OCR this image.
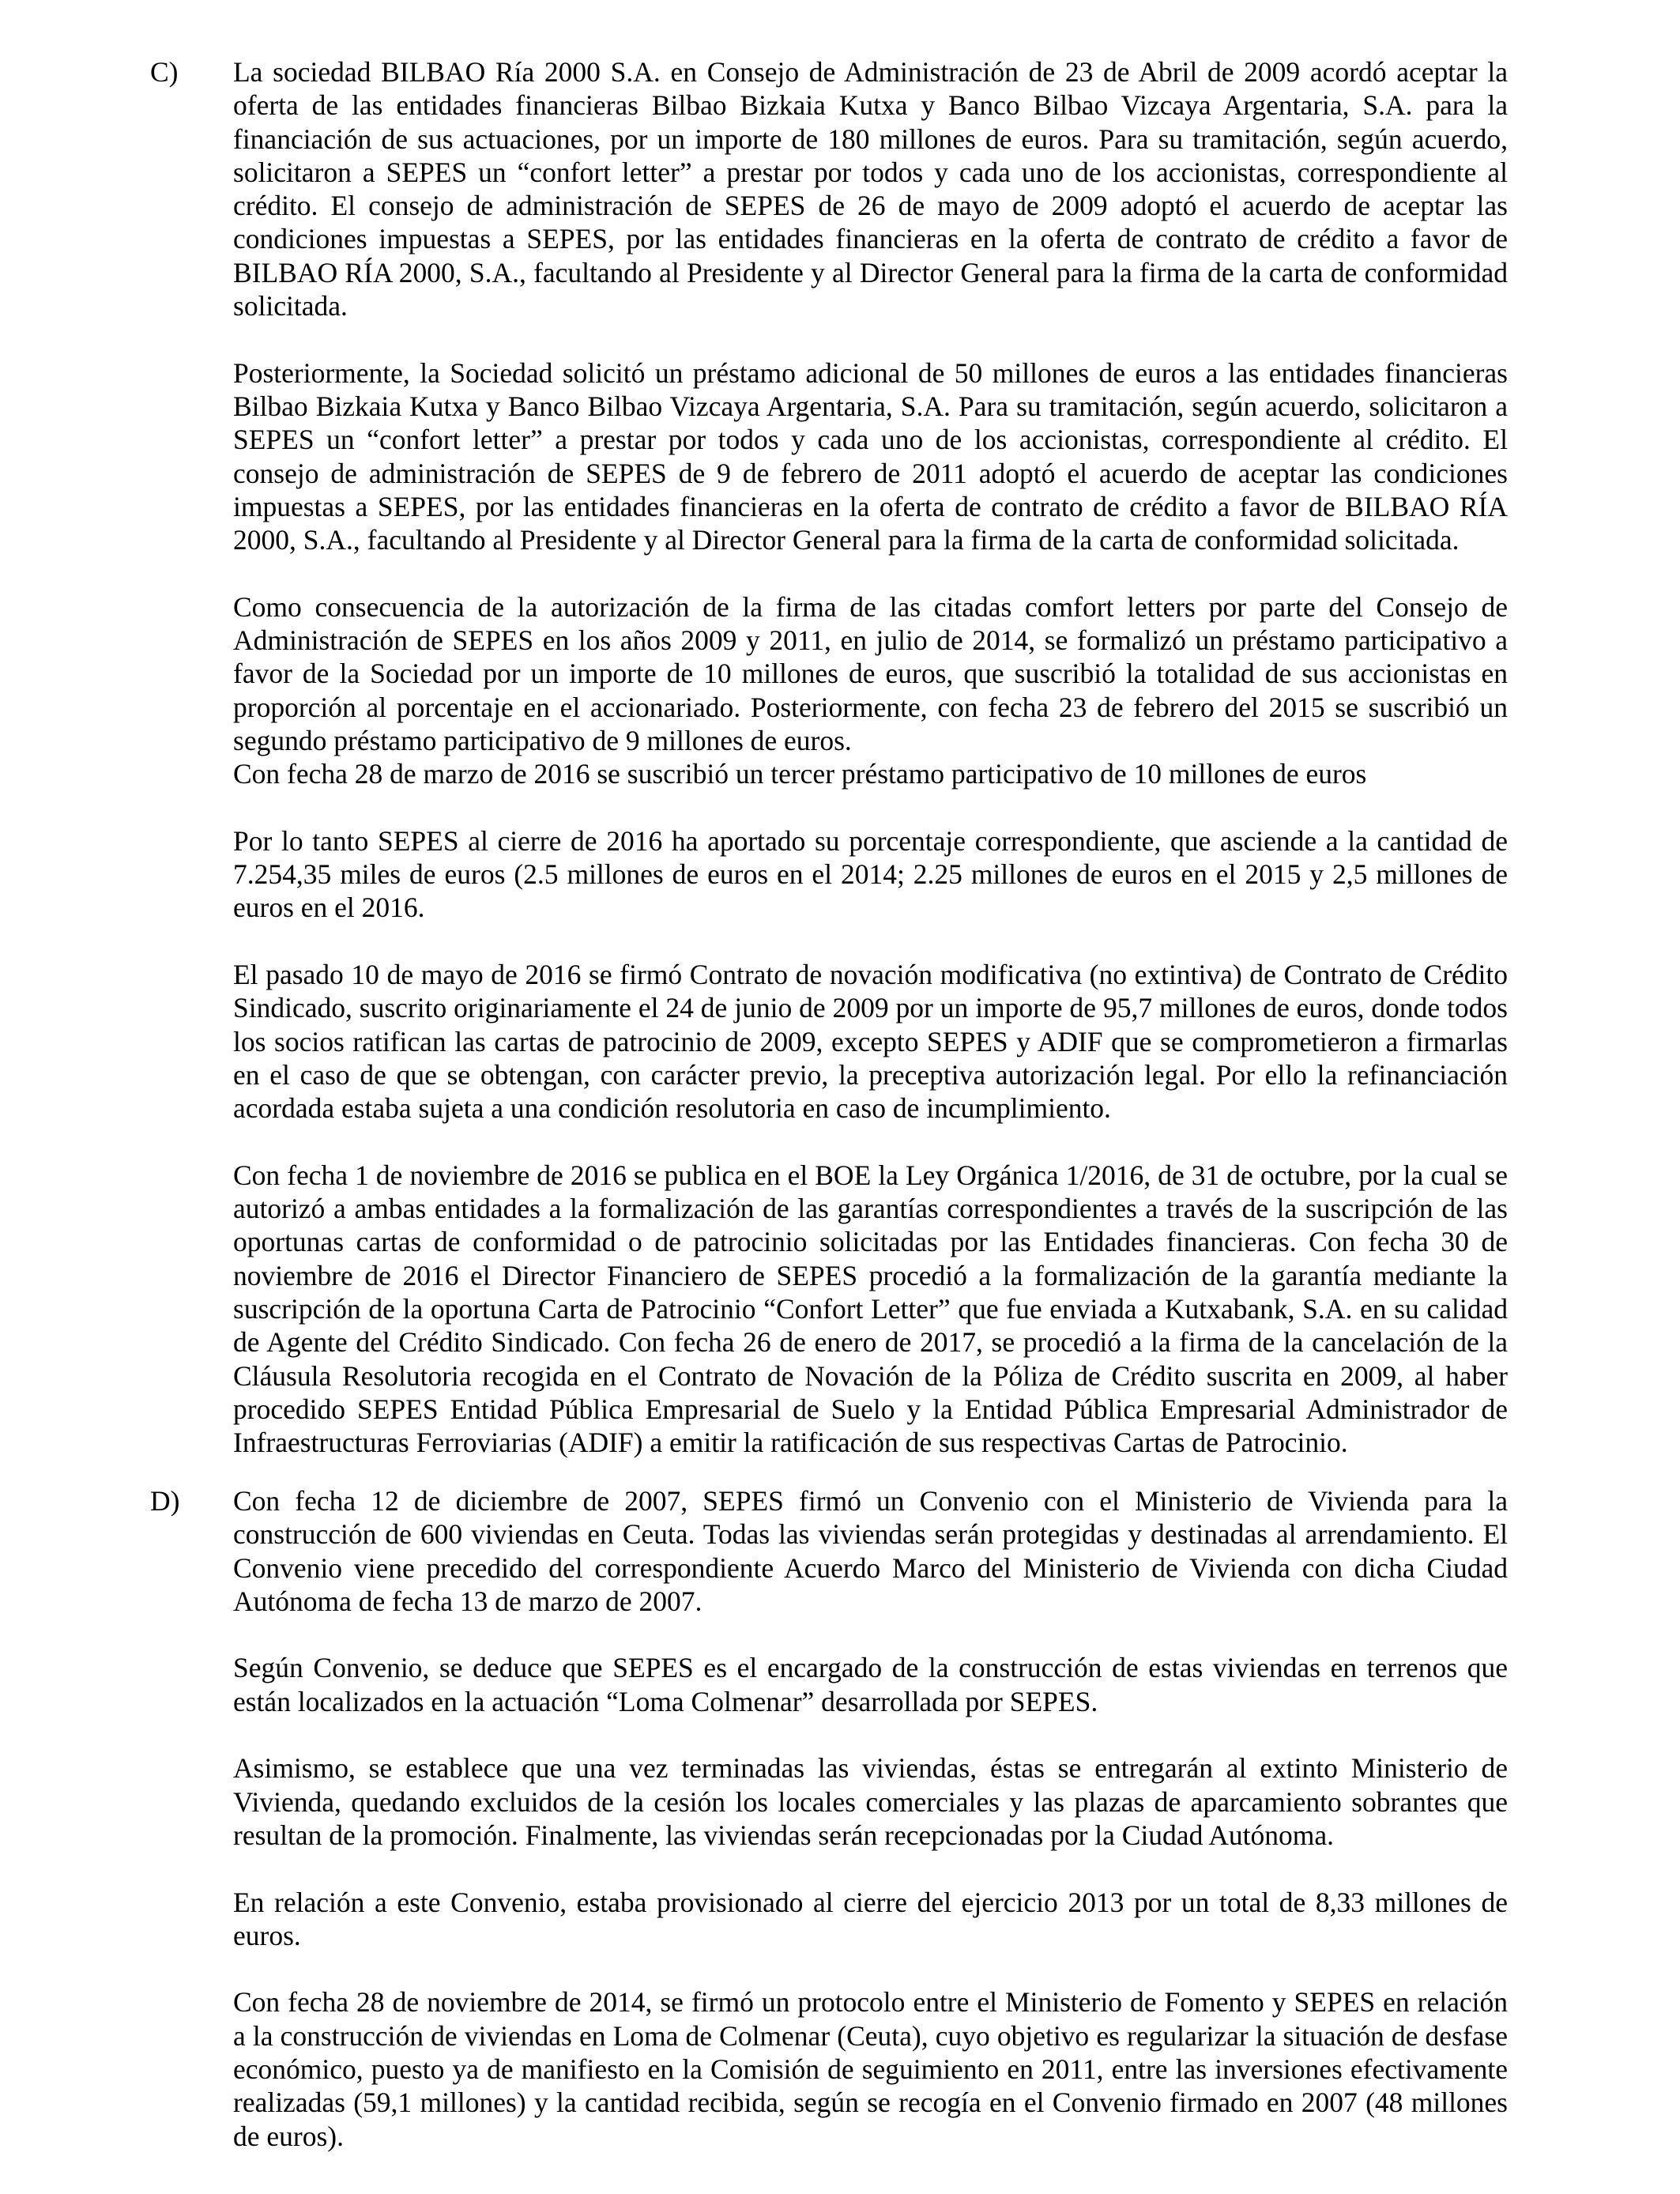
C) La sociedad BILBAO Ría 2000 S.A. en Consejo de Administración de 23 de Abril de 2009 acordó aceptar la oferta de las entidades financieras Bilbao Bizkaia Kutxa y Banco Bilbao Vizcaya Argentaria, S.A. para la financiación de sus actuaciones, por un importe de 180 millones de euros. Para su tramitación, según acuerdo, solicitaron a SEPES un “confort letter” a prestar por todos y cada uno de los accionistas, correspondiente al crédito. El consejo de administración de SEPES de 26 de mayo de 2009 adoptó el acuerdo de aceptar las condiciones impuestas a SEPES, por las entidades financieras en la oferta de contrato de crédito a favor de BILBAO RÍA 2000, S.A., facultando al Presidente y al Director General para la firma de la carta de conformidad solicitada.

Posteriormente, la Sociedad solicitó un préstamo adicional de 50 millones de euros a las entidades financieras Bilbao Bizkaia Kutxa y Banco Bilbao Vizcaya Argentaria, S.A. Para su tramitación, según acuerdo, solicitaron a SEPES un “confort letter” a prestar por todos y cada uno de los accionistas, correspondiente al crédito. El consejo de administración de SEPES de 9 de febrero de 2011 adoptó el acuerdo de aceptar las condiciones impuestas a SEPES, por las entidades financieras en la oferta de contrato de crédito a favor de BILBAO RÍA 2000, S.A., facultando al Presidente y al Director General para la firma de la carta de conformidad solicitada.

Como consecuencia de la autorización de la firma de las citadas comfort letters por parte del Consejo de Administración de SEPES en los años 2009 y 2011, en julio de 2014, se formalizó un préstamo participativo a favor de la Sociedad por un importe de 10 millones de euros, que suscribió la totalidad de sus accionistas en proporción al porcentaje en el accionariado. Posteriormente, con fecha 23 de febrero del 2015 se suscribió un segundo préstamo participativo de 9 millones de euros.

Con fecha 28 de marzo de 2016 se suscribió un tercer préstamo participativo de 10 millones de euros

Por lo tanto SEPES al cierre de 2016 ha aportado su porcentaje correspondiente, que asciende a la cantidad de 7.254,35 miles de euros (2.5 millones de euros en el 2014; 2.25 millones de euros en el 2015 y 2,5 millones de euros en el 2016.

El pasado 10 de mayo de 2016 se firmó Contrato de novación modificativa (no extintiva) de Contrato de Crédito Sindicado, suscrito originariamente el 24 de junio de 2009 por un importe de 95,7 millones de euros, donde todos los socios ratifican las cartas de patrocinio de 2009, excepto SEPES y ADIF que se comprometieron a firmarlas en el caso de que se obtengan, con carácter previo, la preceptiva autorización legal. Por ello la refinanciación acordada estaba sujeta a una condición resolutoria en caso de incumplimiento.

Con fecha 1 de noviembre de 2016 se publica en el BOE la Ley Orgánica 1/2016, de 31 de octubre, por la cual se autorizó a ambas entidades a la formalización de las garantías correspondientes a través de la suscripción de las oportunas cartas de conformidad o de patrocinio solicitadas por las Entidades financieras. Con fecha 30 de noviembre de 2016 el Director Financiero de SEPES procedió a la formalización de la garantía mediante la suscripción de la oportuna Carta de Patrocinio “Confort Letter” que fue enviada a Kutxabank, S.A. en su calidad de Agente del Crédito Sindicado. Con fecha 26 de enero de 2017, se procedió a la firma de la cancelación de la Cláusula Resolutoria recogida en el Contrato de Novación de la Póliza de Crédito suscrita en 2009, al haber procedido SEPES Entidad Pública Empresarial de Suelo y la Entidad Pública Empresarial Administrador de Infraestructuras Ferroviarias (ADIF) a emitir la ratificación de sus respectivas Cartas de Patrocinio.

D) Con fecha 12 de diciembre de 2007, SEPES firmó un Convenio con el Ministerio de Vivienda para la construcción de 600 viviendas en Ceuta. Todas las viviendas serán protegidas y destinadas al arrendamiento. El Convenio viene precedido del correspondiente Acuerdo Marco del Ministerio de Vivienda con dicha Ciudad Autónoma de fecha 13 de marzo de 2007.

Según Convenio, se deduce que SEPES es el encargado de la construcción de estas viviendas en terrenos que están localizados en la actuación “Loma Colmenar” desarrollada por SEPES.

Asimismo, se establece que una vez terminadas las viviendas, éstas se entregarán al extinto Ministerio de Vivienda, quedando excluidos de la cesión los locales comerciales y las plazas de aparcamiento sobrantes que resultan de la promoción. Finalmente, las viviendas serán recepcionadas por la Ciudad Autónoma.

En relación a este Convenio, estaba provisionado al cierre del ejercicio 2013 por un total de 8,33 millones de euros.

Con fecha 28 de noviembre de 2014, se firmó un protocolo entre el Ministerio de Fomento y SEPES en relación a la construcción de viviendas en Loma de Colmenar (Ceuta), cuyo objetivo es regularizar la situación de desfase económico, puesto ya de manifiesto en la Comisión de seguimiento en 2011, entre las inversiones efectivamente realizadas (59,1 millones) y la cantidad recibida, según se recogía en el Convenio firmado en 2007 (48 millones de euros).
